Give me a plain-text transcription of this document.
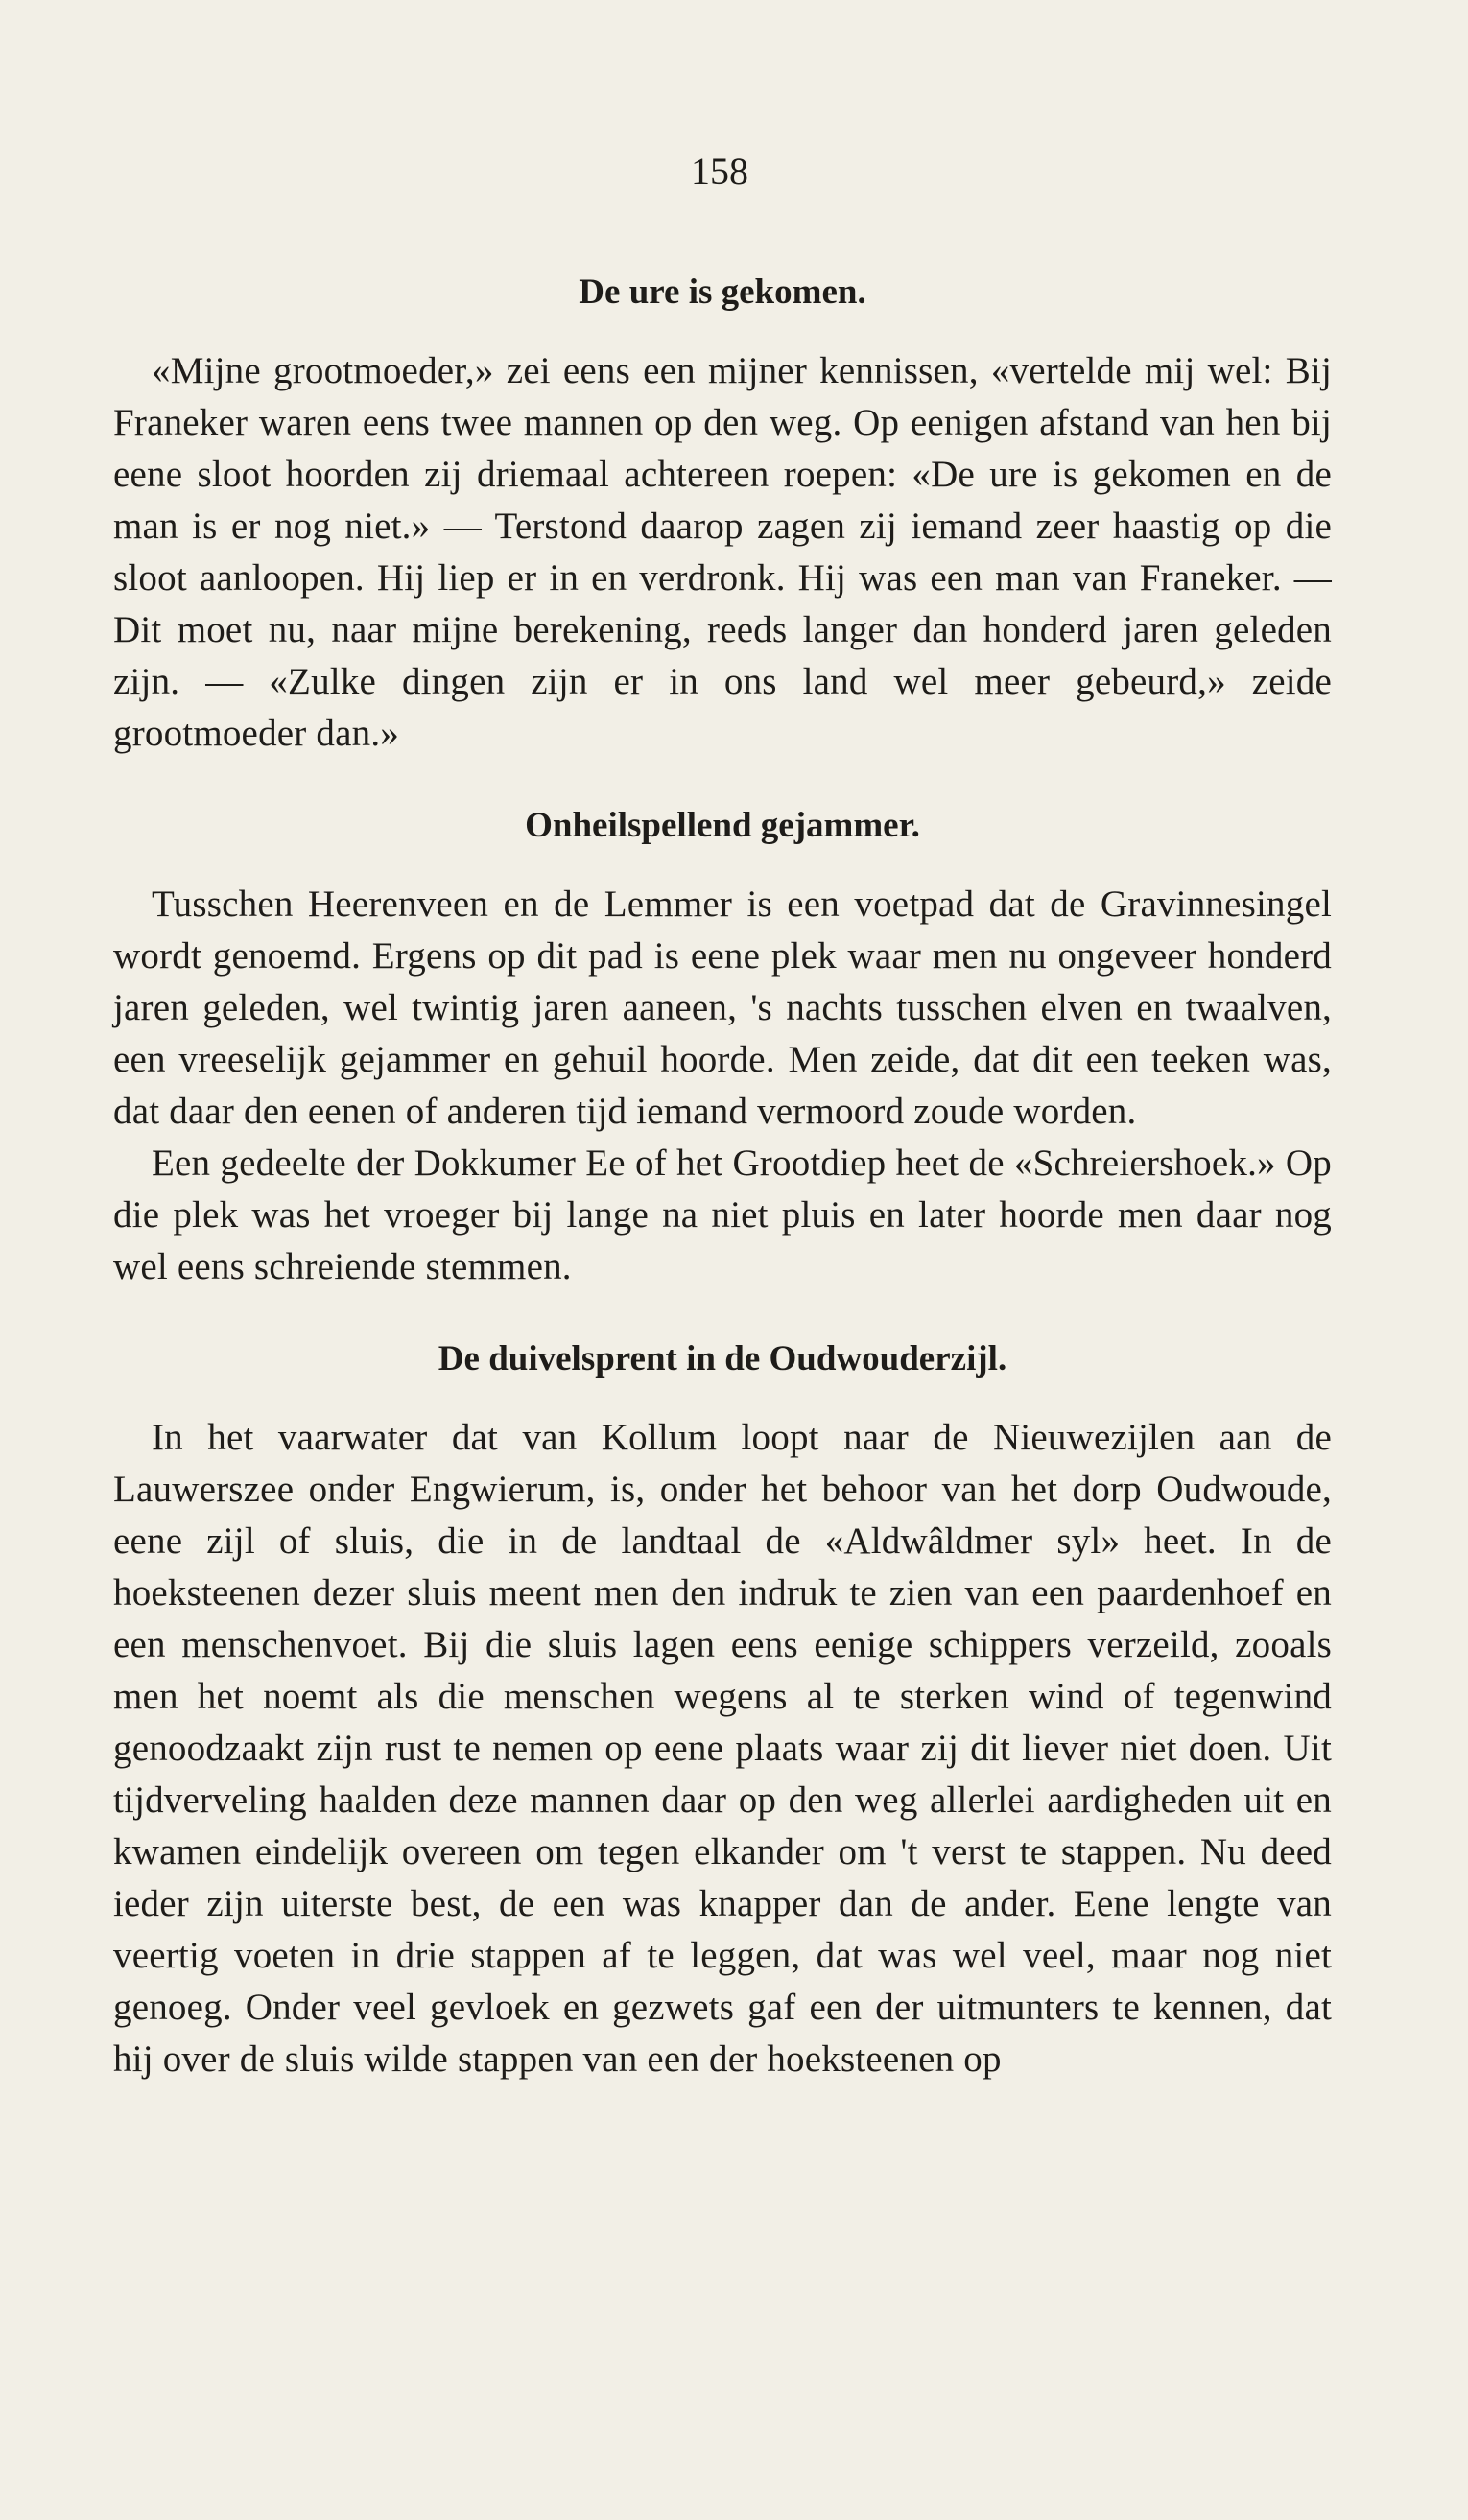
158
De ure is gekomen.

«Mijne grootmoeder,» zei eens een mijner kennissen, «vertelde mij wel: Bij Franeker waren eens twee mannen op den weg. Op eenigen afstand van hen bij eene sloot hoorden zij driemaal achtereen roepen: «De ure is gekomen en de man is er nog niet.» — Terstond daarop zagen zij iemand zeer haastig op die sloot aanloopen. Hij liep er in en verdronk. Hij was een man van Franeker. — Dit moet nu, naar mijne berekening, reeds langer dan honderd jaren geleden zijn. — «Zulke dingen zijn er in ons land wel meer gebeurd,» zeide grootmoeder dan.»

Onheilspellend gejammer.

Tusschen Heerenveen en de Lemmer is een voetpad dat de Gravinnesingel wordt genoemd. Ergens op dit pad is eene plek waar men nu ongeveer honderd jaren geleden, wel twintig jaren aaneen, 's nachts tusschen elven en twaalven, een vreeselijk gejammer en gehuil hoorde. Men zeide, dat dit een teeken was, dat daar den eenen of anderen tijd iemand vermoord zoude worden.

Een gedeelte der Dokkumer Ee of het Grootdiep heet de «Schreiershoek.» Op die plek was het vroeger bij lange na niet pluis en later hoorde men daar nog wel eens schreiende stemmen.

De duivelsprent in de Oudwouderzijl.

In het vaarwater dat van Kollum loopt naar de Nieuwezijlen aan de Lauwerszee onder Engwierum, is, onder het behoor van het dorp Oudwoude, eene zijl of sluis, die in de landtaal de «Aldwâldmer syl» heet. In de hoeksteenen dezer sluis meent men den indruk te zien van een paardenhoef en een menschenvoet. Bij die sluis lagen eens eenige schippers verzeild, zooals men het noemt als die menschen wegens al te sterken wind of tegenwind genoodzaakt zijn rust te nemen op eene plaats waar zij dit liever niet doen. Uit tijdverveling haalden deze mannen daar op den weg allerlei aardigheden uit en kwamen eindelijk overeen om tegen elkander om 't verst te stappen. Nu deed ieder zijn uiterste best, de een was knapper dan de ander. Eene lengte van veertig voeten in drie stappen af te leggen, dat was wel veel, maar nog niet genoeg. Onder veel gevloek en gezwets gaf een der uitmunters te kennen, dat hij over de sluis wilde stappen van een der hoeksteenen op
